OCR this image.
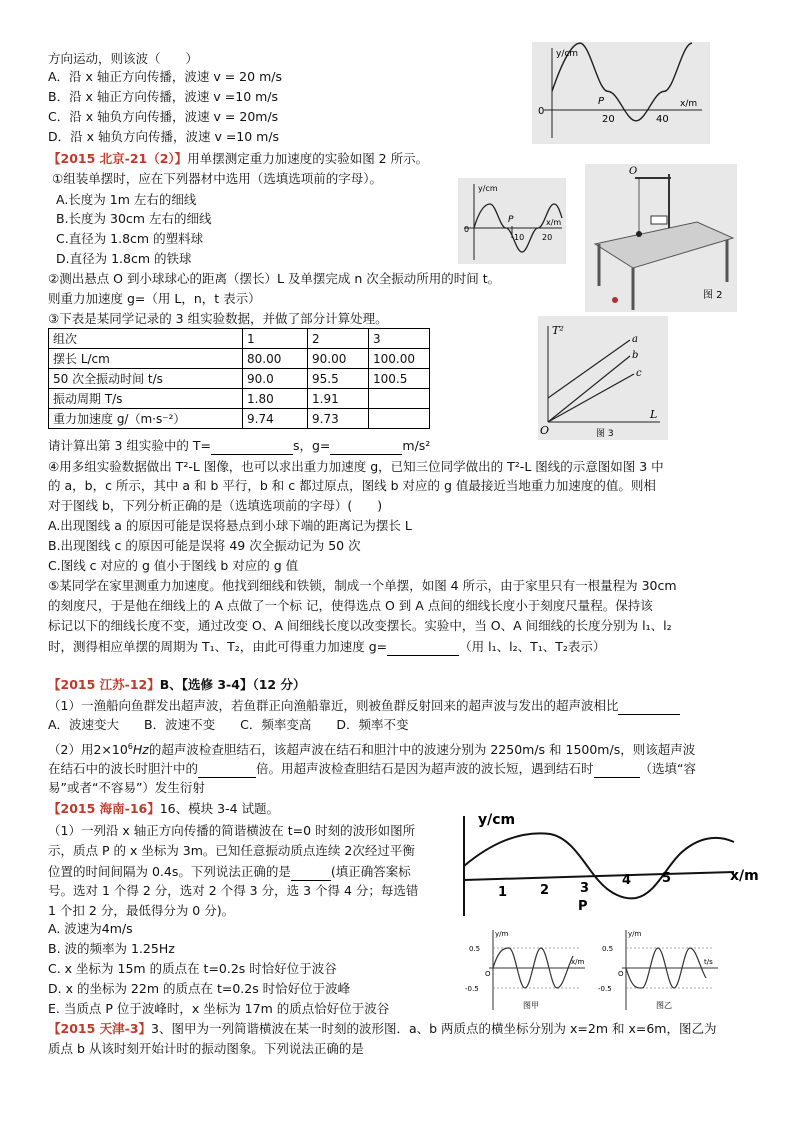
方向运动，则该波（　　）
A．沿 x 轴正方向传播，波速 v = 20 m/s
B．沿 x 轴正方向传播，波速 v =10 m/s
C．沿 x 轴负方向传播，波速 v = 20m/s
D．沿 x 轴负方向传播，波速 v =10 m/s
y/cm
x/m
0
P
20	40
【2015 北京-21（2）】用单摆测定重力加速度的实验如图 2 所示。
①组装单摆时，应在下列器材中选用（选填选项前的字母）。
A.长度为 1m 左右的细线
B.长度为 30cm 左右的细线
C.直径为 1.8cm 的塑料球
D.直径为 1.8cm 的铁球
②测出悬点 O 到小球球心的距离（摆长）L 及单摆完成 n 次全振动所用的时间 t。
则重力加速度 g=（用 L，n，t 表示）
③下表是某同学记录的 3 组实验数据，并做了部分计算处理。
y/cm
x/m
0
P
10 20
O
图 2
组次	1	2	3
摆长 L/cm	80.00	90.00	100.00
50 次全振动时间 t/s	90.0	95.5	100.5
振动周期 T/s	1.80	1.91	
重力加速度 g/（m·s⁻²）	9.74	9.73	
T²
L
O
a
b
c
图 3
请计算出第 3 组实验中的 T=	s，g=	m/s²
④用多组实验数据做出 T²-L 图像，也可以求出重力加速度 g，已知三位同学做出的 T²-L 图线的示意图如图 3 中
的 a，b，c 所示，其中 a 和 b 平行，b 和 c 都过原点，图线 b 对应的 g 值最接近当地重力加速度的值。则相
对于图线 b，下列分析正确的是（选填选项前的字母）(　　)
A.出现图线 a 的原因可能是误将悬点到小球下端的距离记为摆长 L
B.出现图线 c 的原因可能是误将 49 次全振动记为 50 次
C.图线 c 对应的 g 值小于图线 b 对应的 g 值
⑤某同学在家里测重力加速度。他找到细线和铁锁，制成一个单摆，如图 4 所示，由于家里只有一根量程为 30cm
的刻度尺，于是他在细线上的 A 点做了一个标 记，使得选点 O 到 A 点间的细线长度小于刻度尺量程。保持该
标记以下的细线长度不变，通过改变 O、A 间细线长度以改变摆长。实验中，当 O、A 间细线的长度分别为 l₁、l₂
时，测得相应单摆的周期为 T₁、T₂，由此可得重力加速度 g=	（用 l₁、l₂、T₁、T₂表示）
【2015 江苏-12】B、【选修 3-4】（12 分）
（1）一渔船向鱼群发出超声波，若鱼群正向渔船靠近，则被鱼群反射回来的超声波与发出的超声波相比
A．波速变大　　B．波速不变　　C．频率变高　　D．频率不变
（2）用$2\times 10^6Hz$的超声波检查胆结石，该超声波在结石和胆汁中的波速分别为 2250m/s 和 1500m/s，则该超声波
在结石中的波长时胆汁中的	倍。用超声波检查胆结石是因为超声波的波长短，遇到结石时	（选填“容
易”或者“不容易”）发生衍射
【2015 海南-16】16、模块 3-4 试题。
（1）一列沿 x 轴正方向传播的简谐横波在 t=0 时刻的波形如图所
示，质点 P 的 x 坐标为 3m。已知任意振动质点连续 2次经过平衡
位置的时间间隔为 0.4s。下列说法正确的是	(填正确答案标
号。选对 1 个得 2 分，选对 2 个得 3 分，选 3 个得 4 分；每选错
1 个扣 2 分，最低得分为 0 分)。
A. 波速为4m/s
B. 波的频率为 1.25Hz
C. x 坐标为 15m 的质点在 t=0.2s 时恰好位于波谷
D. x 的坐标为 22m 的质点在 t=0.2s 时恰好位于波峰
E. 当质点 P 位于波峰时，x 坐标为 17m 的质点恰好位于波谷
y/cm
x/m
1	2 3
4 5
P
y/m
x/m
0.5
-0.5
O
图甲
y/m
t/s
0.5
-0.5
O
图乙
【2015 天津-3】3、图甲为一列简谐横波在某一时刻的波形图．a、b 两质点的横坐标分别为 x=2m 和 x=6m，图乙为
质点 b 从该时刻开始计时的振动图象。下列说法正确的是
